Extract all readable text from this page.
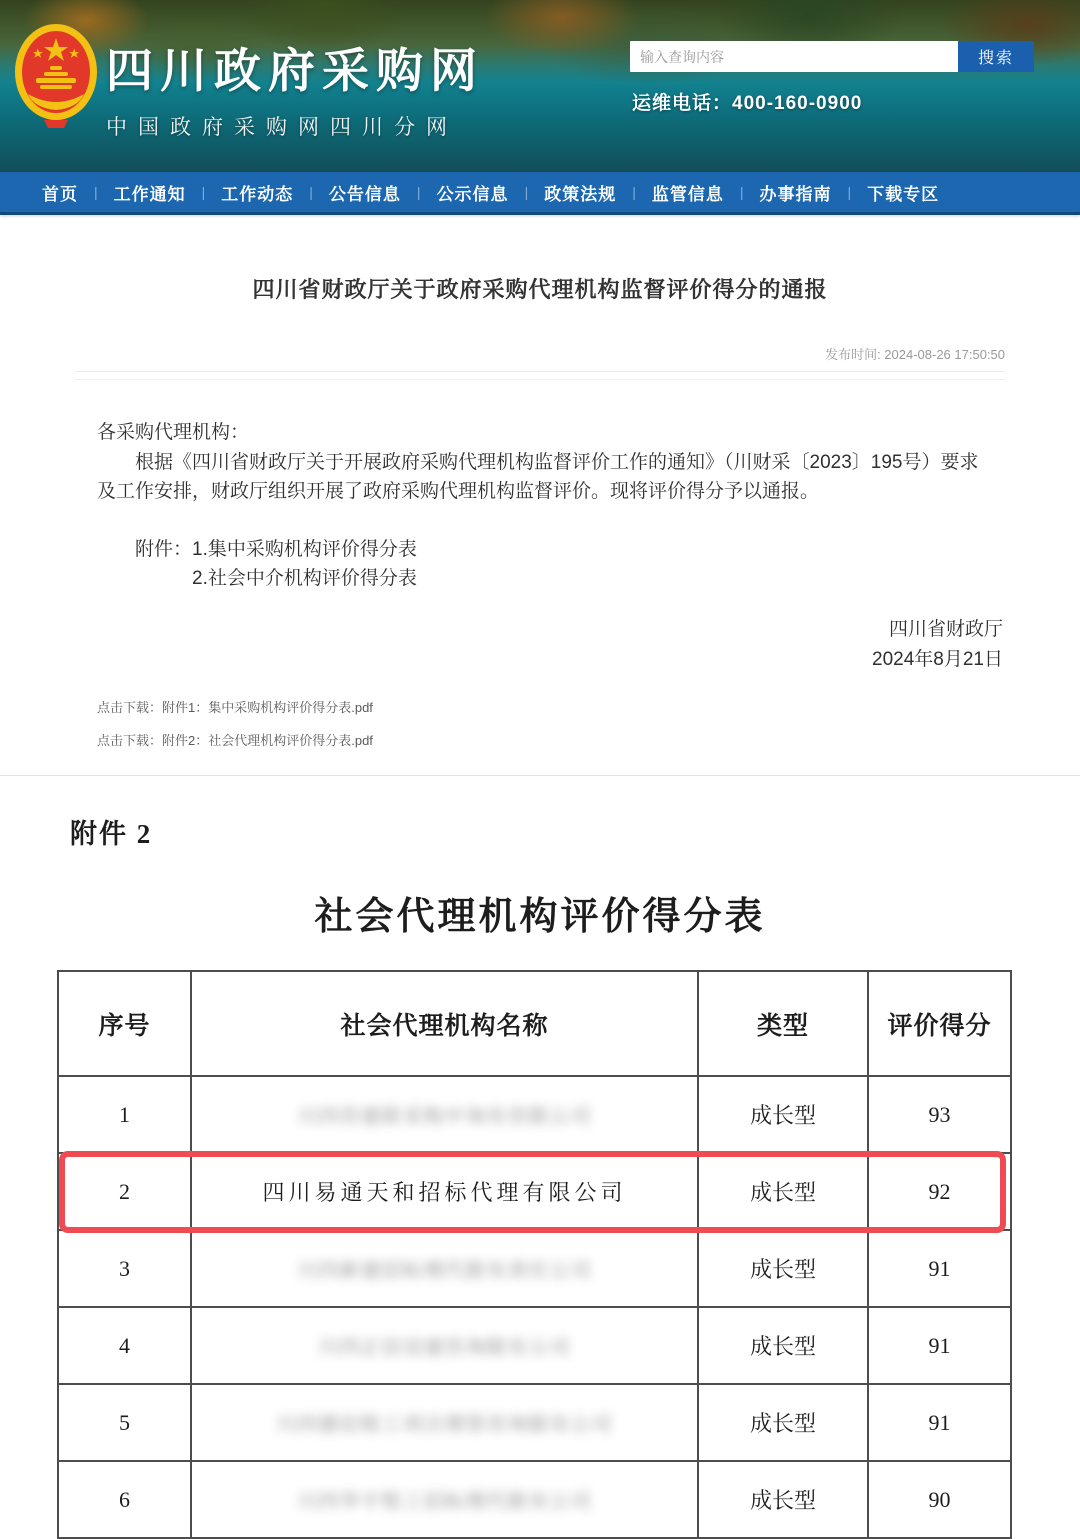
四川政府采购网
中国政府采购网四川分网
输入查询内容
搜索
运维电话：400-160-0900
首页 | 工作通知 | 工作动态 | 公告信息 | 公示信息 | 政策法规 | 监管信息 | 办事指南 | 下载专区
四川省财政厅关于政府采购代理机构监督评价得分的通报
发布时间: 2024-08-26 17:50:50
各采购代理机构：
根据《四川省财政厅关于开展政府采购代理机构监督评价工作的通知》（川财采〔2023〕195号）要求及工作安排，财政厅组织开展了政府采购代理机构监督评价。现将评价得分予以通报。
附件：1.集中采购机构评价得分表
2.社会中介机构评价得分表
四川省财政厅
2024年8月21日
点击下载：附件1：集中采购机构评价得分表.pdf
点击下载：附件2：社会代理机构评价得分表.pdf
附件 2
社会代理机构评价得分表
序号	社会代理机构名称	类型	评价得分
1	川四咨建联采购中询有咨限公司	成长型	93
2	四川易通天和招标代理有限公司	成长型	92
3	川四新建招标理代限有责任公司	成长型	91
4	川四正信设建咨询限有公司	成长型	91
5	川四德信程工项目理管咨询限有公司	成长型	91
6	川四华宇程工招标理代限有公司	成长型	90
